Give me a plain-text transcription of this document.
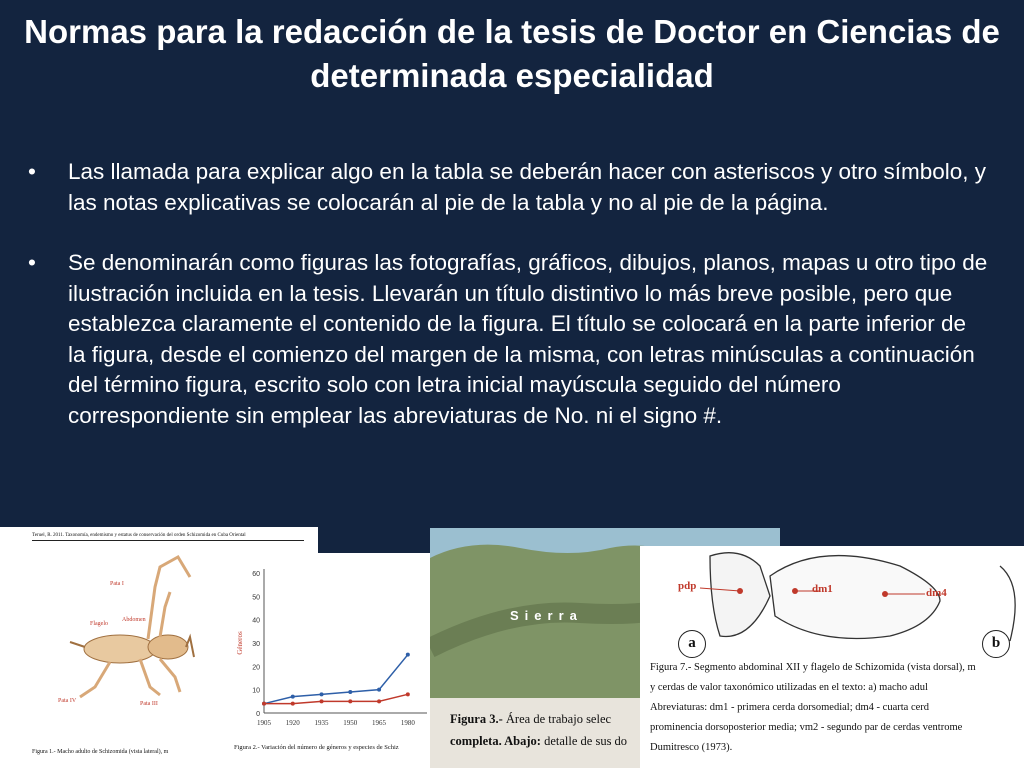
Normas para la redacción de la tesis de Doctor en Ciencias de determinada especialidad
•	Las llamada para explicar algo en la tabla se deberán hacer con asteriscos y otro símbolo, y las notas explicativas se colocarán al pie de la tabla y no al pie de la página.
•	Se denominarán como figuras las fotografías, gráficos, dibujos, planos, mapas u otro tipo de ilustración incluida en la tesis. Llevarán un título distintivo lo más breve posible, pero que establezca claramente el contenido de la figura. El título se colocará en la parte inferior de la figura, desde el comienzo del margen de la misma, con letras minúsculas a continuación del término figura, escrito solo con letra inicial mayúscula seguido del número correspondiente sin emplear las abreviaturas de No. ni el signo #.
Teruel, R. 2011. Taxonomía, endemismo y estatus de conservación del orden Schizomida en Cuba Oriental
Pata I
Flagelo
Abdomen
Pata IV	Pata III
Figura 1.- Macho adulto de Schizomida (vista lateral), m
0
10
20
30
40
50
60
1905 1920 1935 1950 1965 1980
Géneros
Figura 2.- Variación del número de géneros y especies de Schiz
Sierra
Figura 3.- Área de trabajo selec
completa. Abajo: detalle de sus do
pdp	dm1	dm4
a	b
Figura 7.- Segmento abdominal XII y flagelo de Schizomida (vista dorsal), m
y cerdas de valor taxonómico utilizadas en el texto: a) macho adul
Abreviaturas: dm1 - primera cerda dorsomedial; dm4 - cuarta cerd
prominencia dorsoposterior media; vm2 - segundo par de cerdas ventrome
Dumitresco (1973).
